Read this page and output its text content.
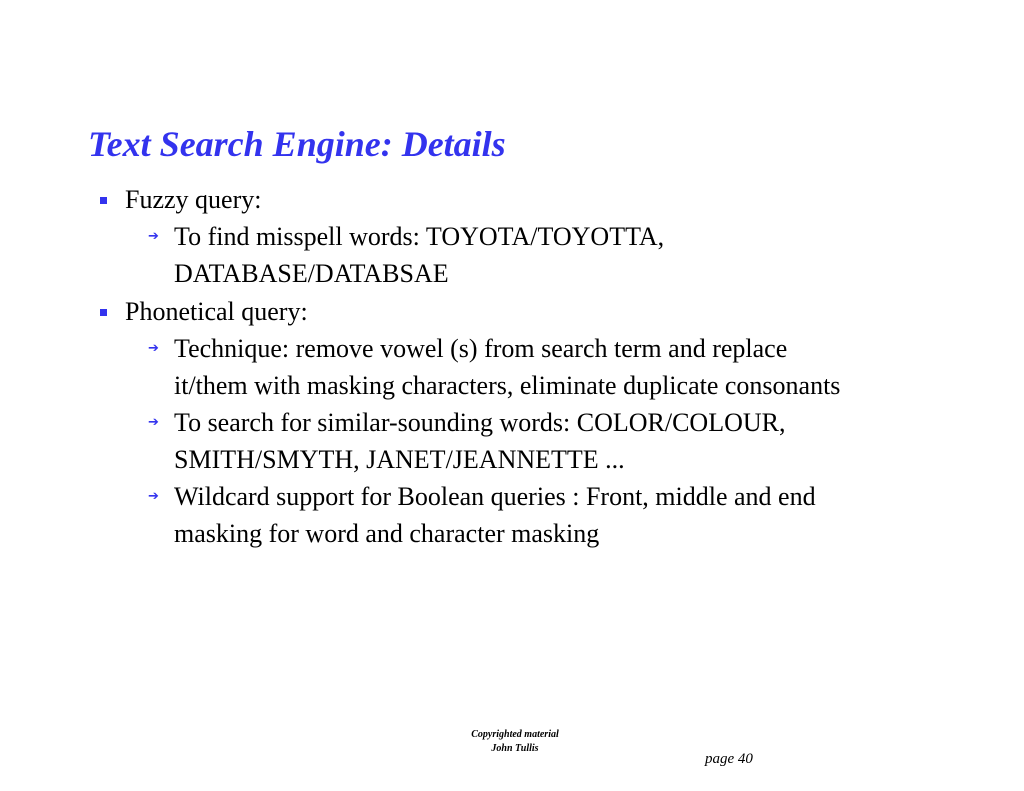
Text Search Engine: Details
Fuzzy query:
➔ To find misspell words: TOYOTA/TOYOTTA,
DATABASE/DATABSAE
Phonetical query:
➔ Technique: remove vowel (s) from search term and replace
it/them with masking characters, eliminate duplicate consonants
➔ To search for similar-sounding words: COLOR/COLOUR,
SMITH/SMYTH, JANET/JEANNETTE ...
➔ Wildcard support for Boolean queries : Front, middle and end
masking for word and character masking
Copyrighted material
John Tullis
page 40
